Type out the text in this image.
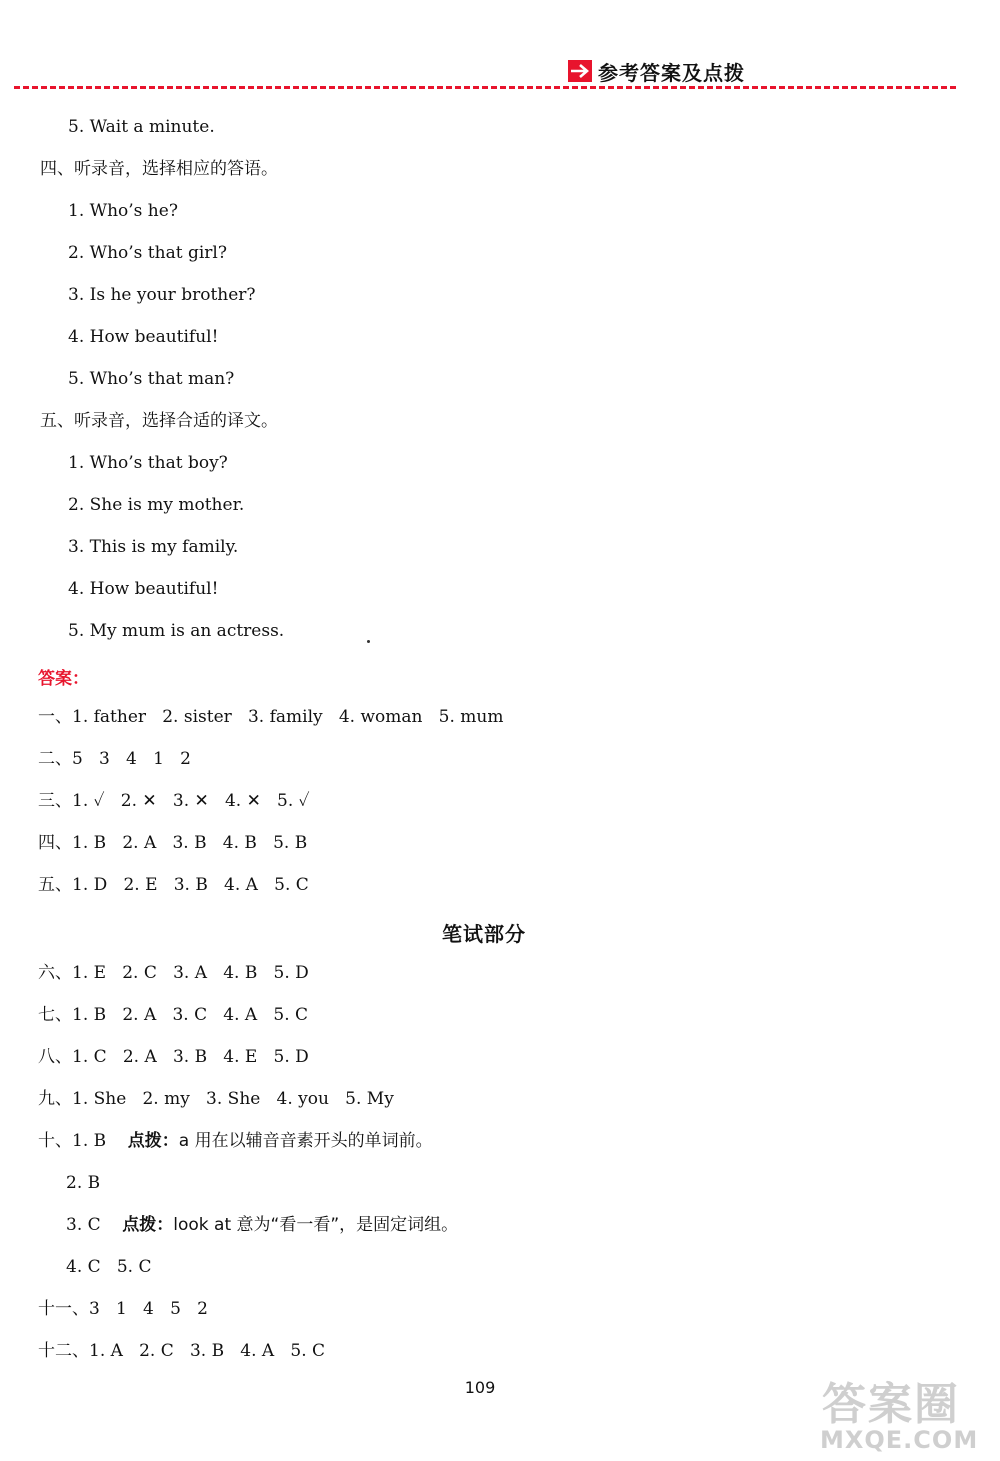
参考答案及点拨
5. Wait a minute.
四、听录音，选择相应的答语。
1. Who’s he?
2. Who’s that girl?
3. Is he your brother?
4. How beautiful!
5. Who’s that man?
五、听录音，选择合适的译文。
1. Who’s that boy?
2. She is my mother.
3. This is my family.
4. How beautiful!
5. My mum is an actress.
答案：
一、1. father   2. sister   3. family   4. woman   5. mum
二、5   3   4   1   2
三、1. ✓   2. ✕   3. ✕   4. ✕   5. ✓
四、1. B   2. A   3. B   4. B   5. B
五、1. D   2. E   3. B   4. A   5. C
笔试部分
六、1. E   2. C   3. A   4. B   5. D
七、1. B   2. A   3. C   4. A   5. C
八、1. C   2. A   3. B   4. E   5. D
九、1. She   2. my   3. She   4. you   5. My
十、1. B 点拨：a 用在以辅音音素开头的单词前。
2. B
3. C 点拨：look at 意为“看一看”，是固定词组。
4. C   5. C
十一、3   1   4   5   2
十二、1. A   2. C   3. B   4. A   5. C
109	答案圈
MXQE.COM
